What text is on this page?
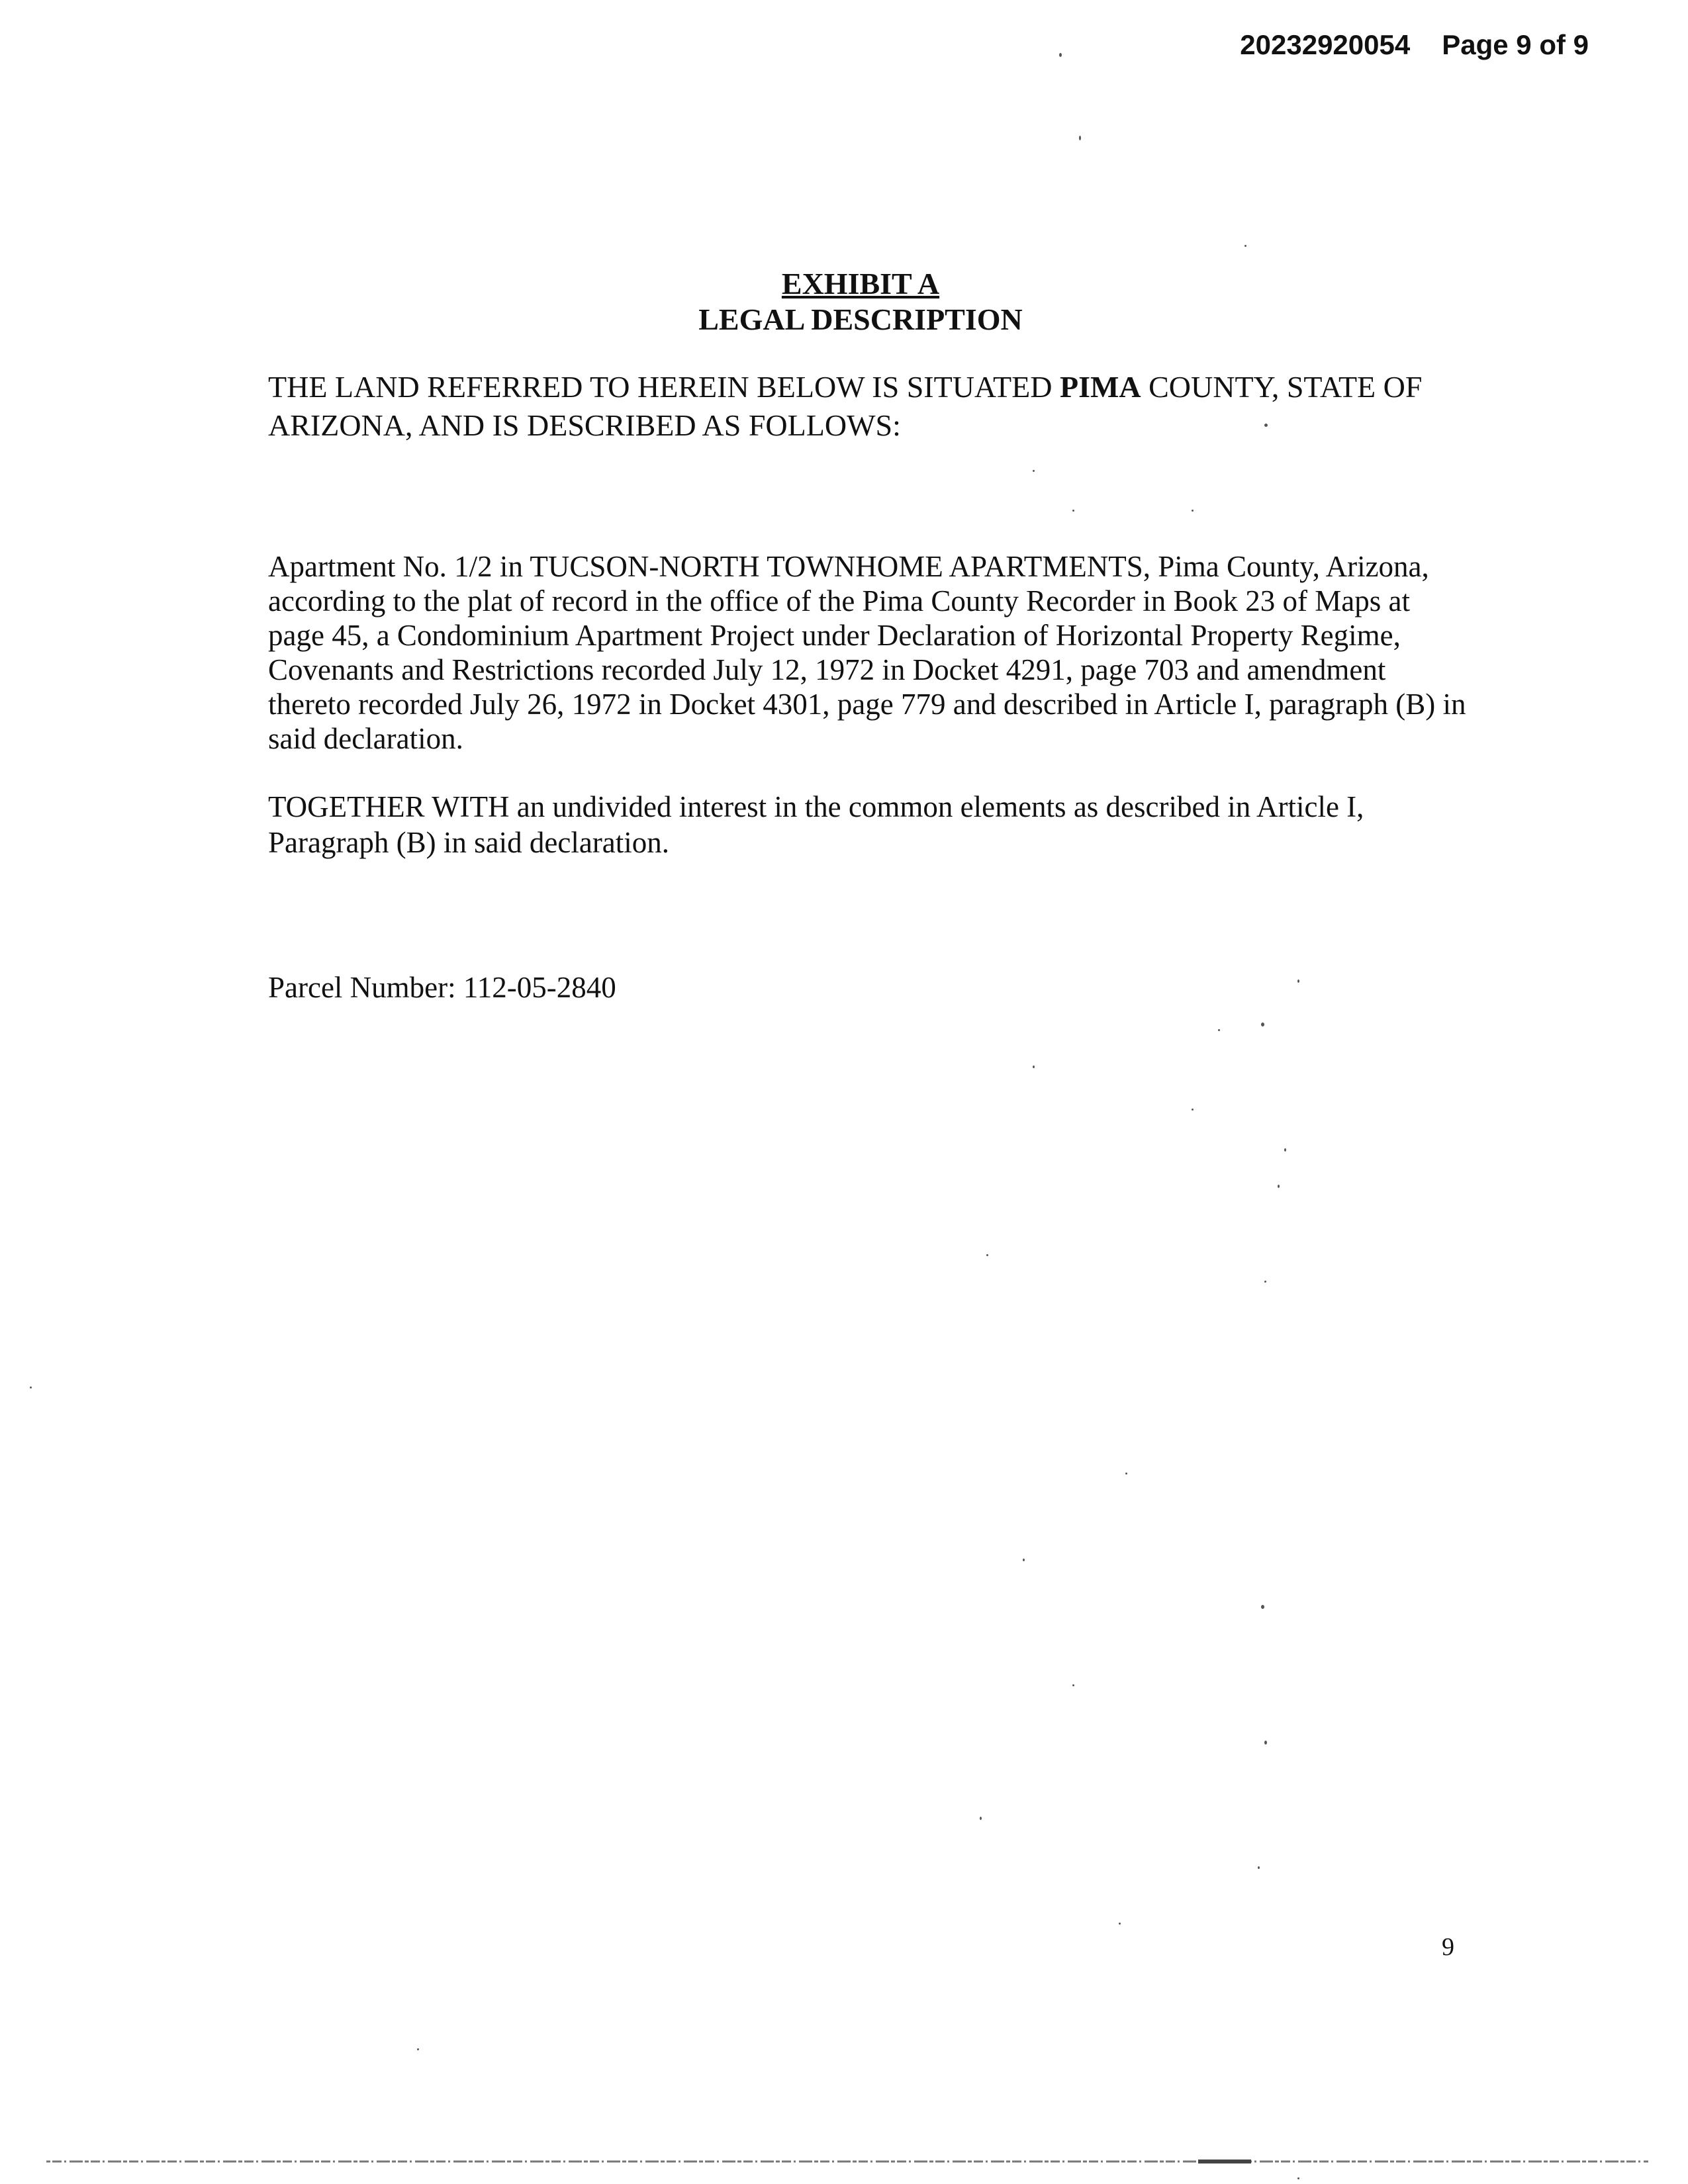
20232920054 Page 9 of 9
EXHIBIT A
LEGAL DESCRIPTION
THE LAND REFERRED TO HEREIN BELOW IS SITUATED PIMA COUNTY, STATE OF ARIZONA, AND IS DESCRIBED AS FOLLOWS:
Apartment No. 1/2 in TUCSON-NORTH TOWNHOME APARTMENTS, Pima County, Arizona, according to the plat of record in the office of the Pima County Recorder in Book 23 of Maps at page 45, a Condominium Apartment Project under Declaration of Horizontal Property Regime, Covenants and Restrictions recorded July 12, 1972 in Docket 4291, page 703 and amendment thereto recorded July 26, 1972 in Docket 4301, page 779 and described in Article I, paragraph (B) in said declaration.
TOGETHER WITH an undivided interest in the common elements as described in Article I, Paragraph (B) in said declaration.
Parcel Number: 112-05-2840
9
